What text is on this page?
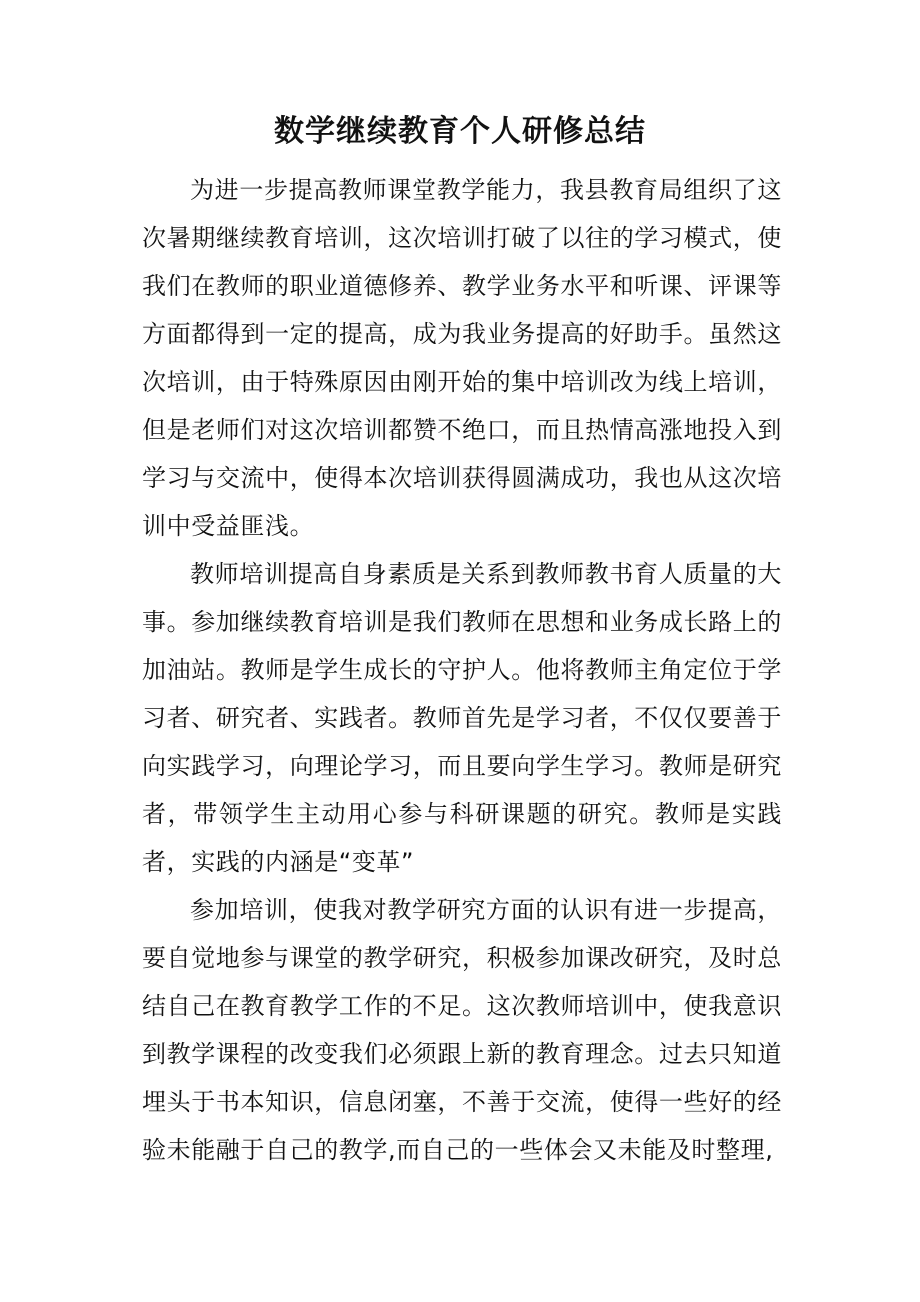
数学继续教育个人研修总结

为进一步提高教师课堂教学能力，我县教育局组织了这次暑期继续教育培训，这次培训打破了以往的学习模式，使我们在教师的职业道德修养、教学业务水平和听课、评课等方面都得到一定的提高，成为我业务提高的好助手。虽然这次培训，由于特殊原因由刚开始的集中培训改为线上培训，但是老师们对这次培训都赞不绝口，而且热情高涨地投入到学习与交流中，使得本次培训获得圆满成功，我也从这次培训中受益匪浅。

教师培训提高自身素质是关系到教师教书育人质量的大事。参加继续教育培训是我们教师在思想和业务成长路上的加油站。教师是学生成长的守护人。他将教师主角定位于学习者、研究者、实践者。教师首先是学习者，不仅仅要善于向实践学习，向理论学习，而且要向学生学习。教师是研究者，带领学生主动用心参与科研课题的研究。教师是实践者，实践的内涵是“变革”

参加培训，使我对教学研究方面的认识有进一步提高，要自觉地参与课堂的教学研究，积极参加课改研究，及时总结自己在教育教学工作的不足。这次教师培训中，使我意识到教学课程的改变我们必须跟上新的教育理念。过去只知道埋头于书本知识，信息闭塞，不善于交流，使得一些好的经验未能融于自己的教学,而自己的一些体会又未能及时整理,
